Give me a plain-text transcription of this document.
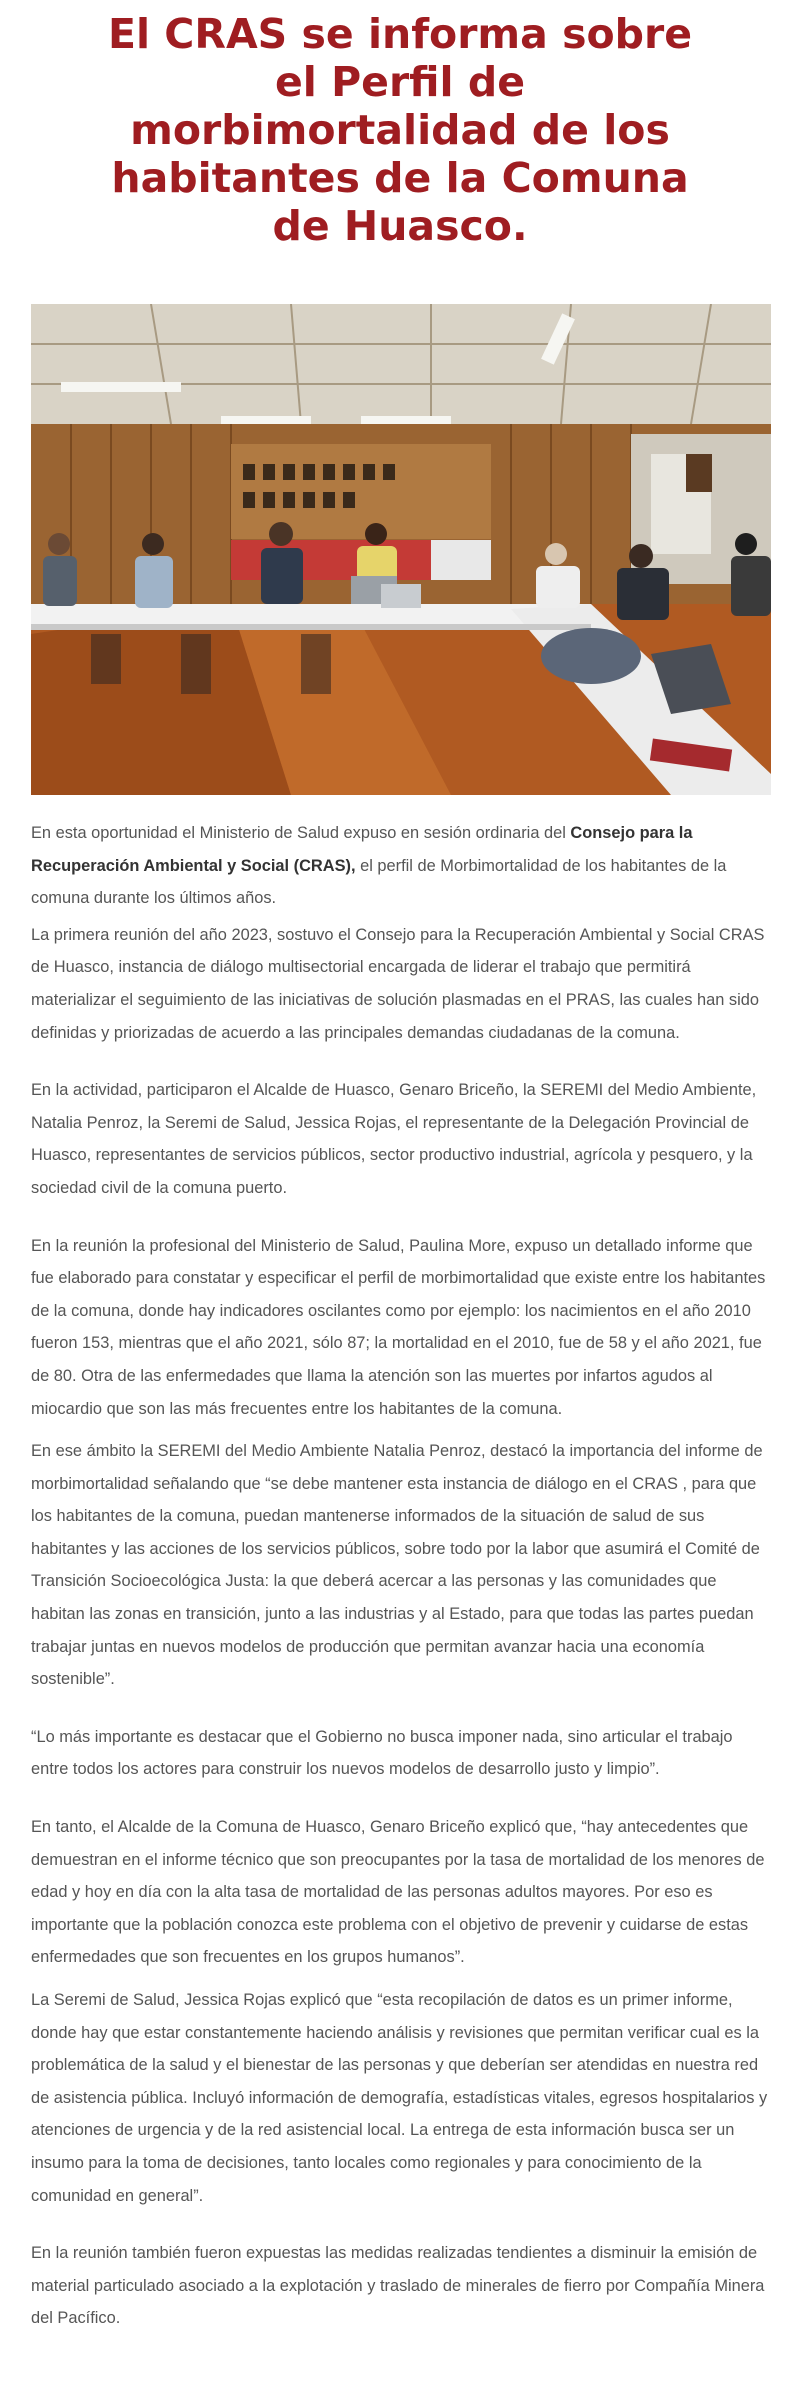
El CRAS se informa sobre el Perfil de morbimortalidad de los habitantes de la Comuna de Huasco.

En esta oportunidad el Ministerio de Salud expuso en sesión ordinaria del Consejo para la Recuperación Ambiental y Social (CRAS), el perfil de Morbimortalidad de los habitantes de la comuna durante los últimos años.

La primera reunión del año 2023, sostuvo el Consejo para la Recuperación Ambiental y Social CRAS de Huasco, instancia de diálogo multisectorial encargada de liderar el trabajo que permitirá materializar el seguimiento de las iniciativas de solución plasmadas en el PRAS, las cuales han sido definidas y priorizadas de acuerdo a las principales demandas ciudadanas de la comuna.

En la actividad, participaron el Alcalde de Huasco, Genaro Briceño, la SEREMI del Medio Ambiente, Natalia Penroz, la Seremi de Salud, Jessica Rojas, el representante de la Delegación Provincial de Huasco, representantes de servicios públicos, sector productivo industrial, agrícola y pesquero, y la sociedad civil de la comuna puerto.

En la reunión la profesional del Ministerio de Salud, Paulina More, expuso un detallado informe que fue elaborado para constatar y especificar el perfil de morbimortalidad que existe entre los habitantes de la comuna, donde hay indicadores oscilantes como por ejemplo: los nacimientos en el año 2010 fueron 153, mientras que el año 2021, sólo 87; la mortalidad en el 2010, fue de 58 y el año 2021, fue de 80. Otra de las enfermedades que llama la atención son las muertes por infartos agudos al miocardio que son las más frecuentes entre los habitantes de la comuna.

En ese ámbito la SEREMI del Medio Ambiente Natalia Penroz, destacó la importancia del informe de morbimortalidad señalando que “se debe mantener esta instancia de diálogo en el CRAS , para que los habitantes de la comuna, puedan mantenerse informados de la situación de salud de sus habitantes y las acciones de los servicios públicos, sobre todo por la labor que asumirá el Comité de Transición Socioecológica Justa: la que deberá acercar a las personas y las comunidades que habitan las zonas en transición, junto a las industrias y al Estado, para que todas las partes puedan trabajar juntas en nuevos modelos de producción que permitan avanzar hacia una economía sostenible”.

“Lo más importante es destacar que el Gobierno no busca imponer nada, sino articular el trabajo entre todos los actores para construir los nuevos modelos de desarrollo justo y limpio”.

En tanto, el Alcalde de la Comuna de Huasco, Genaro Briceño explicó que, “hay antecedentes que demuestran en el informe técnico que son preocupantes por la tasa de mortalidad de los menores de edad y hoy en día con la alta tasa de mortalidad de las personas adultos mayores. Por eso es importante que la población conozca este problema con el objetivo de prevenir y cuidarse de estas enfermedades que son frecuentes en los grupos humanos”.

La Seremi de Salud, Jessica Rojas explicó que “esta recopilación de datos es un primer informe, donde hay que estar constantemente haciendo análisis y revisiones que permitan verificar cual es la problemática de la salud y el bienestar de las personas y que deberían ser atendidas en nuestra red de asistencia pública. Incluyó información de demografía, estadísticas vitales, egresos hospitalarios y atenciones de urgencia y de la red asistencial local. La entrega de esta información busca ser un insumo para la toma de decisiones, tanto locales como regionales y para conocimiento de la comunidad en general”.

En la reunión también fueron expuestas las medidas realizadas tendientes a disminuir la emisión de material particulado asociado a la explotación y traslado de minerales de fierro por Compañía Minera del Pacífico.
